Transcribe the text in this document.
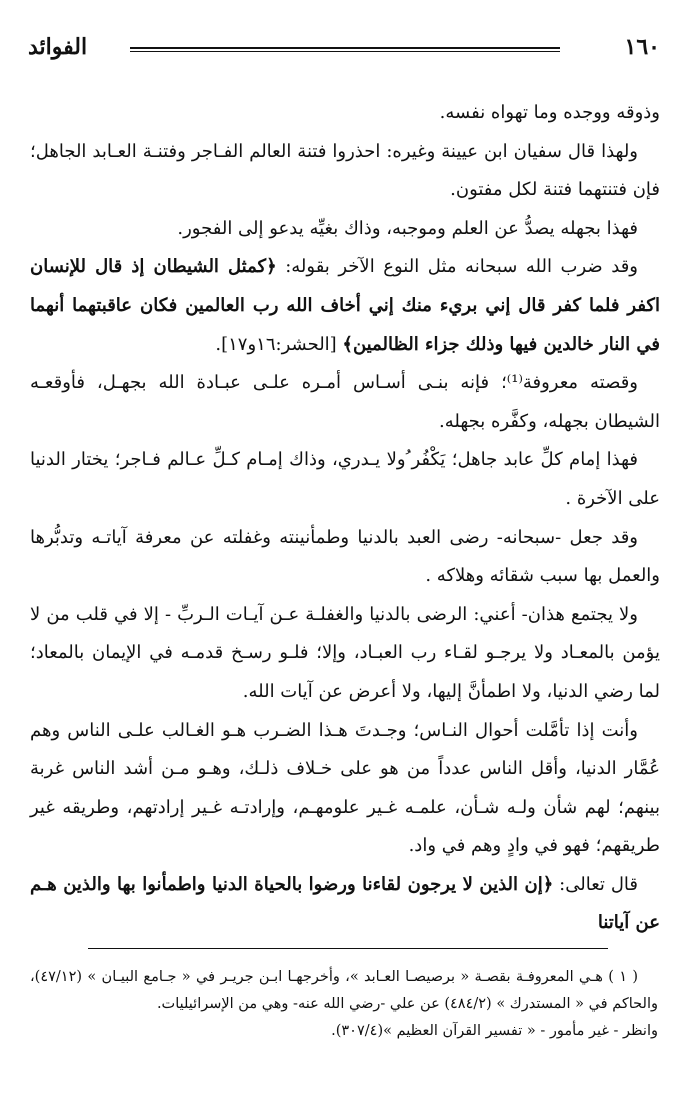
الفوائد	١٦٠

وذوقه ووجده وما تهواه نفسه.

ولهذا قال سفيان ابن عيينة وغيره: احذروا فتنة العالم الفـاجر وفتنـة العـابد الجاهل؛ فإن فتنتهما فتنة لكل مفتون.

فهذا بجهله يصدُّ عن العلم وموجبه، وذاك بغيِّه يدعو إلى الفجور.

وقد ضرب الله سبحانه مثل النوع الآخر بقوله: ﴿كمثل الشيطان إذ قال للإنسان اكفر فلما كفر قال إني بريء منك إني أخاف الله رب العالمين فكان عاقبتهما أنهما في النار خالدين فيها وذلك جزاء الظالمين﴾ [الحشر:١٦و١٧].

وقصته معروفة⁽¹⁾؛ فإنه بنـى أسـاس أمـره علـى عبـادة الله بجهـل، فأوقعـه الشيطان بجهله، وكفَّره بجهله.

فهذا إمام كلِّ عابد جاهل؛ يَكْفُر ُولا يـدري، وذاك إمـام كـلِّ عـالم فـاجر؛ يختار الدنيا على الآخرة .

وقد جعل -سبحانه- رضى العبد بالدنيا وطمأنينته وغفلته عن معرفة آياتـه وتدبُّرها والعمل بها سبب شقائه وهلاكه .

ولا يجتمع هذان- أعني: الرضى بالدنيا والغفلـة عـن آيـات الـربِّ - إلا في قلب من لا يؤمن بالمعـاد ولا يرجـو لقـاء رب العبـاد، وإلا؛ فلـو رسـخ قدمـه في الإيمان بالمعاد؛ لما رضي الدنيا، ولا اطمأنَّ إليها، ولا أعرض عن آيات الله.

وأنت إذا تأمَّلت أحوال النـاس؛ وجـدتَ هـذا الضـرب هـو الغـالب علـى الناس وهم عُمَّار الدنيا، وأقل الناس عدداً من هو على خـلاف ذلـك، وهـو مـن أشد الناس غربة بينهم؛ لهم شأن ولـه شـأن، علمـه غـير علومهـم، وإرادتـه غـير إرادتهم، وطريقه غير طريقهم؛ فهو في وادٍ وهم في واد.

قال تعالى: ﴿إن الذين لا يرجون لقاءنا ورضوا بالحياة الدنيا واطمأنوا بها والذين هـم عن آياتنا

( ١ ) هـي المعروفـة بقصـة « برصيصـا العـابد »، وأخرجهـا ابـن جريـر في « جـامع البيـان » (٤٧/١٢)، والحاكم في « المستدرك » (٤٨٤/٢) عن علي -رضي الله عنه- وهي من الإسرائيليات.

وانظر - غير مأمور - « تفسير القرآن العظيم »(٣٠٧/٤).
